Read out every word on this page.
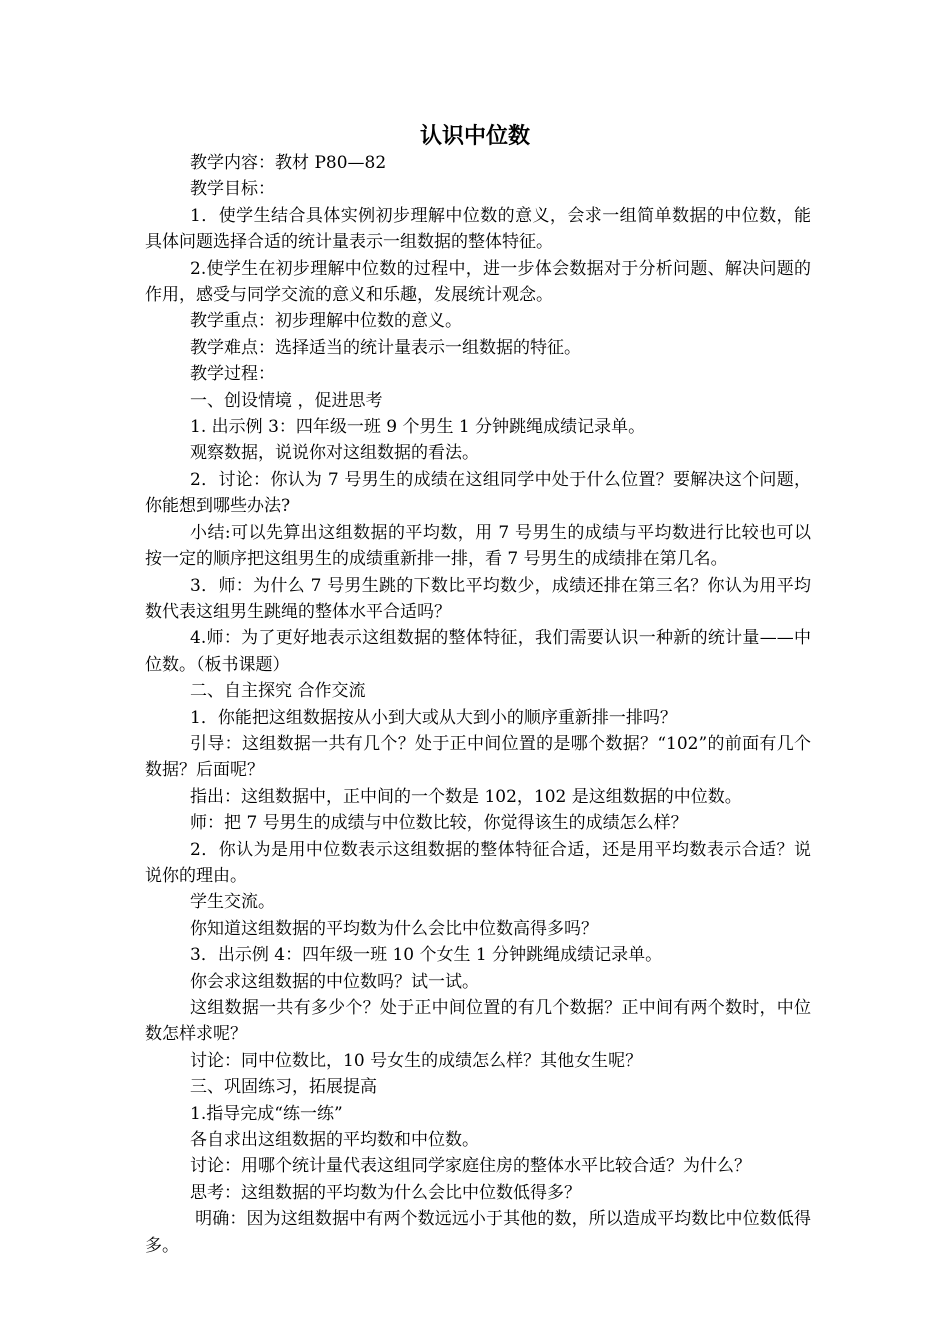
认识中位数

教学内容：教材 P80—82

教学目标：

1．使学生结合具体实例初步理解中位数的意义，会求一组简单数据的中位数，能具体问题选择合适的统计量表示一组数据的整体特征。

2.使学生在初步理解中位数的过程中，进一步体会数据对于分析问题、解决问题的作用，感受与同学交流的意义和乐趣，发展统计观念。

教学重点：初步理解中位数的意义。

教学难点：选择适当的统计量表示一组数据的特征。

教学过程：

一、创设情境 ，促进思考

1. 出示例 3：四年级一班 9 个男生 1 分钟跳绳成绩记录单。

观察数据，说说你对这组数据的看法。

2．讨论：你认为 7 号男生的成绩在这组同学中处于什么位置？要解决这个问题，你能想到哪些办法?

小结:可以先算出这组数据的平均数，用 7 号男生的成绩与平均数进行比较也可以按一定的顺序把这组男生的成绩重新排一排，看 7 号男生的成绩排在第几名。

3．师：为什么 7 号男生跳的下数比平均数少，成绩还排在第三名？你认为用平均数代表这组男生跳绳的整体水平合适吗？

4.师：为了更好地表示这组数据的整体特征，我们需要认识一种新的统计量——中位数。（板书课题）

二、自主探究 合作交流

1．你能把这组数据按从小到大或从大到小的顺序重新排一排吗？

引导：这组数据一共有几个？处于正中间位置的是哪个数据？“102”的前面有几个数据？后面呢？

指出：这组数据中，正中间的一个数是 102，102 是这组数据的中位数。

师：把 7 号男生的成绩与中位数比较，你觉得该生的成绩怎么样？

2．你认为是用中位数表示这组数据的整体特征合适，还是用平均数表示合适？说说你的理由。

学生交流。

你知道这组数据的平均数为什么会比中位数高得多吗？

3．出示例 4：四年级一班 10 个女生 1 分钟跳绳成绩记录单。

你会求这组数据的中位数吗？试一试。

这组数据一共有多少个？处于正中间位置的有几个数据？正中间有两个数时，中位数怎样求呢？

讨论：同中位数比，10 号女生的成绩怎么样？其他女生呢？

三、巩固练习，拓展提高

1.指导完成“练一练”

各自求出这组数据的平均数和中位数。

讨论：用哪个统计量代表这组同学家庭住房的整体水平比较合适？为什么？

思考：这组数据的平均数为什么会比中位数低得多？

明确：因为这组数据中有两个数远远小于其他的数，所以造成平均数比中位数低得多。
